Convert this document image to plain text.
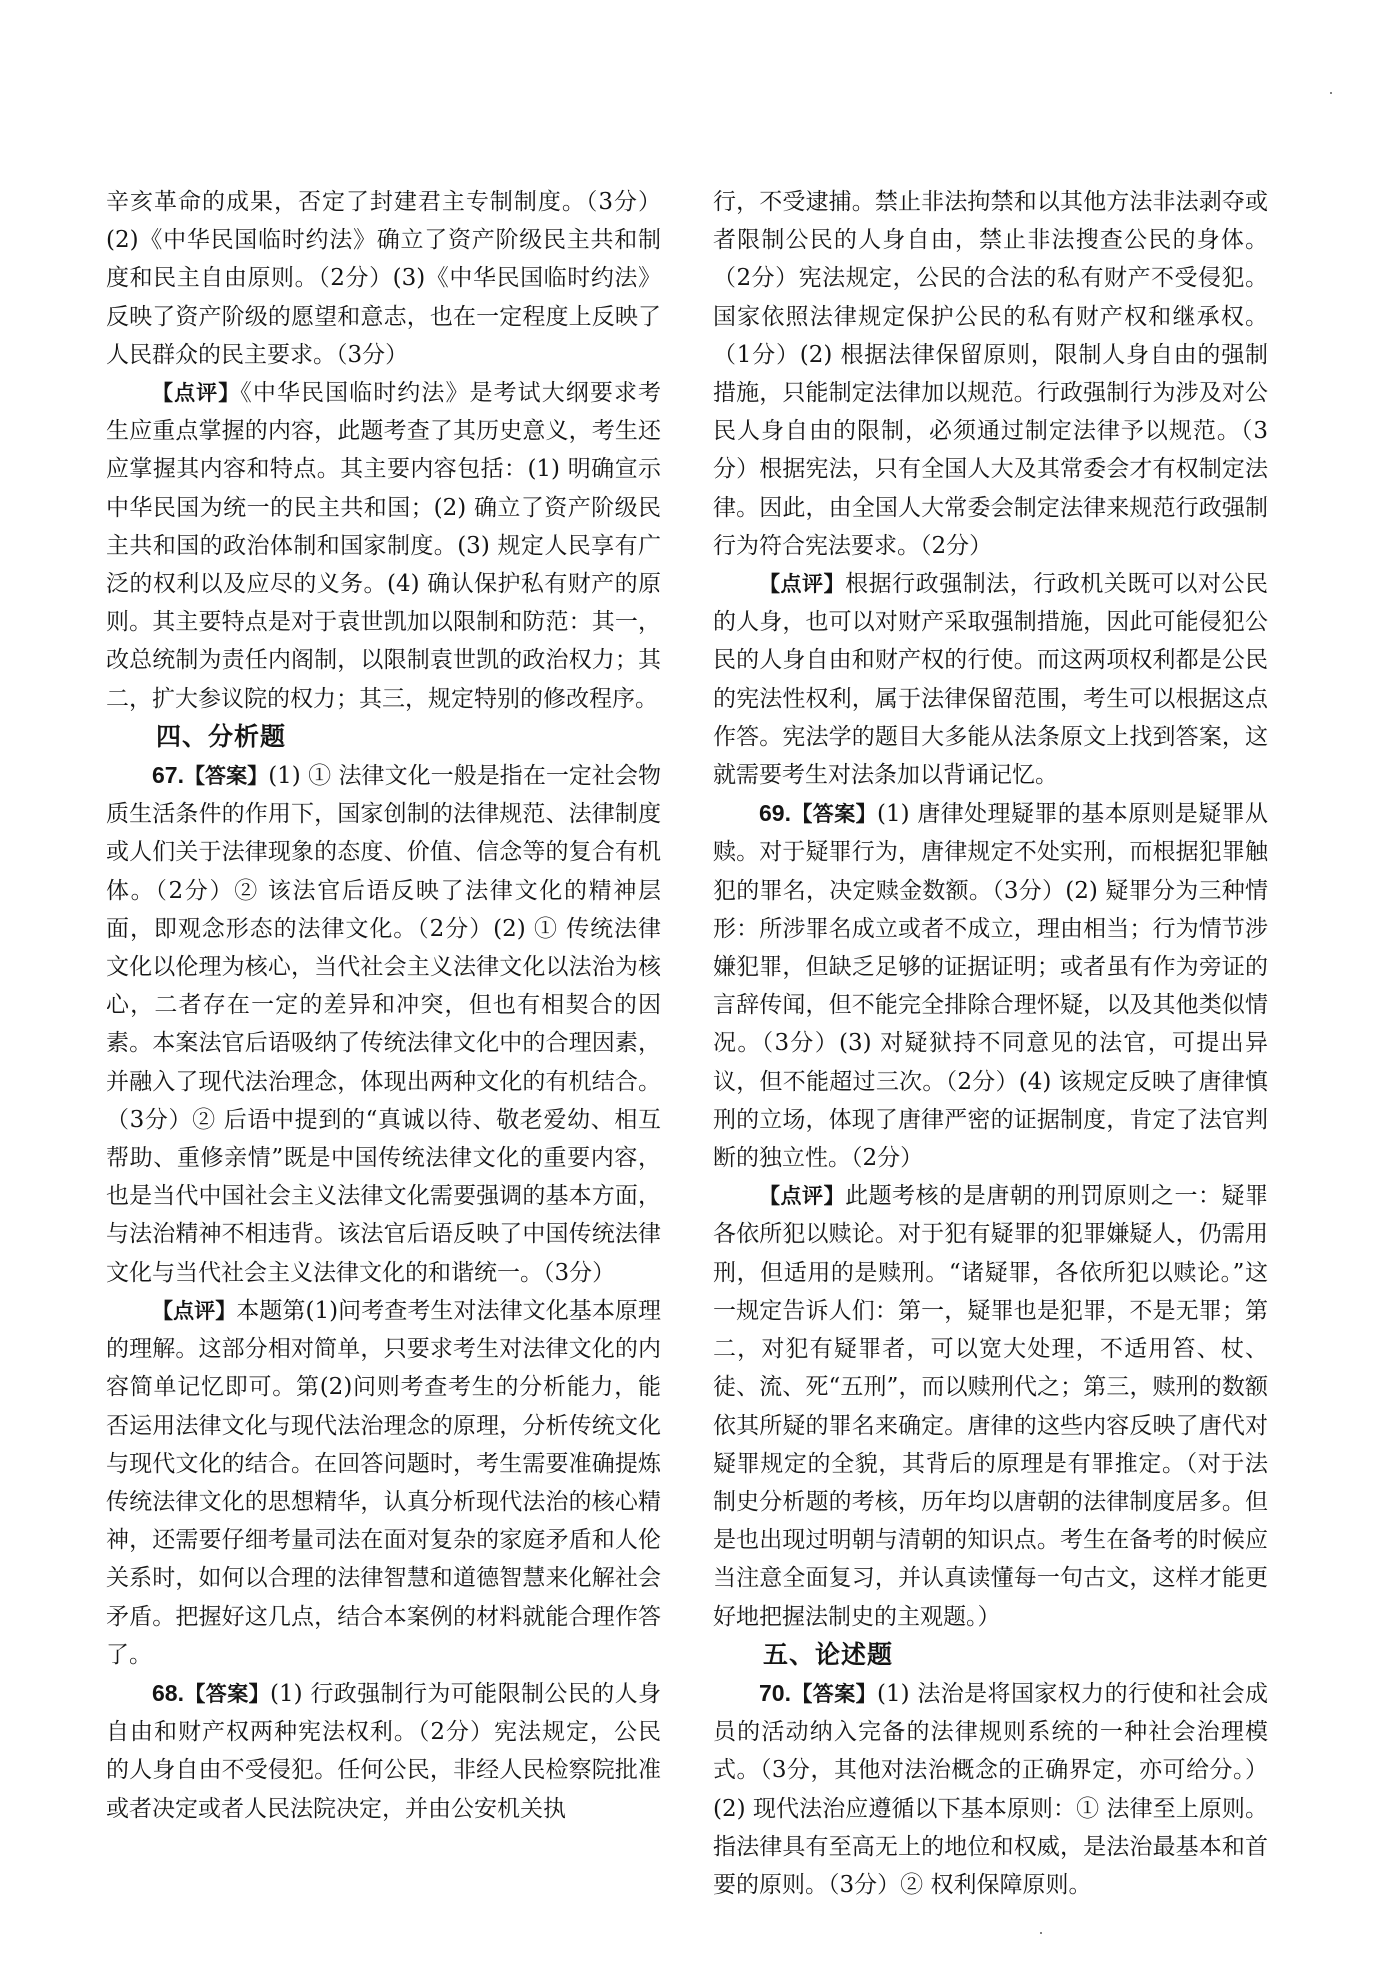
辛亥革命的成果，否定了封建君主专制制度。（3分）(2)《中华民国临时约法》确立了资产阶级民主共和制度和民主自由原则。（2分）(3)《中华民国临时约法》反映了资产阶级的愿望和意志，也在一定程度上反映了人民群众的民主要求。（3分）

【点评】《中华民国临时约法》是考试大纲要求考生应重点掌握的内容，此题考查了其历史意义，考生还应掌握其内容和特点。其主要内容包括：(1) 明确宣示中华民国为统一的民主共和国；(2) 确立了资产阶级民主共和国的政治体制和国家制度。(3) 规定人民享有广泛的权利以及应尽的义务。(4) 确认保护私有财产的原则。其主要特点是对于袁世凯加以限制和防范：其一，改总统制为责任内阁制，以限制袁世凯的政治权力；其二，扩大参议院的权力；其三，规定特别的修改程序。

四、分析题

67.【答案】(1) ① 法律文化一般是指在一定社会物质生活条件的作用下，国家创制的法律规范、法律制度或人们关于法律现象的态度、价值、信念等的复合有机体。（2分）② 该法官后语反映了法律文化的精神层面，即观念形态的法律文化。（2分）(2) ① 传统法律文化以伦理为核心，当代社会主义法律文化以法治为核心，二者存在一定的差异和冲突，但也有相契合的因素。本案法官后语吸纳了传统法律文化中的合理因素，并融入了现代法治理念，体现出两种文化的有机结合。（3分）② 后语中提到的“真诚以待、敬老爱幼、相互帮助、重修亲情”既是中国传统法律文化的重要内容，也是当代中国社会主义法律文化需要强调的基本方面，与法治精神不相违背。该法官后语反映了中国传统法律文化与当代社会主义法律文化的和谐统一。（3分）

【点评】本题第(1)问考查考生对法律文化基本原理的理解。这部分相对简单，只要求考生对法律文化的内容简单记忆即可。第(2)问则考查考生的分析能力，能否运用法律文化与现代法治理念的原理，分析传统文化与现代文化的结合。在回答问题时，考生需要准确提炼传统法律文化的思想精华，认真分析现代法治的核心精神，还需要仔细考量司法在面对复杂的家庭矛盾和人伦关系时，如何以合理的法律智慧和道德智慧来化解社会矛盾。把握好这几点，结合本案例的材料就能合理作答了。

68.【答案】(1) 行政强制行为可能限制公民的人身自由和财产权两种宪法权利。（2分）宪法规定，公民的人身自由不受侵犯。任何公民，非经人民检察院批准或者决定或者人民法院决定，并由公安机关执

行，不受逮捕。禁止非法拘禁和以其他方法非法剥夺或者限制公民的人身自由，禁止非法搜查公民的身体。（2分）宪法规定，公民的合法的私有财产不受侵犯。国家依照法律规定保护公民的私有财产权和继承权。（1分）(2) 根据法律保留原则，限制人身自由的强制措施，只能制定法律加以规范。行政强制行为涉及对公民人身自由的限制，必须通过制定法律予以规范。（3分）根据宪法，只有全国人大及其常委会才有权制定法律。因此，由全国人大常委会制定法律来规范行政强制行为符合宪法要求。（2分）

【点评】根据行政强制法，行政机关既可以对公民的人身，也可以对财产采取强制措施，因此可能侵犯公民的人身自由和财产权的行使。而这两项权利都是公民的宪法性权利，属于法律保留范围，考生可以根据这点作答。宪法学的题目大多能从法条原文上找到答案，这就需要考生对法条加以背诵记忆。

69.【答案】(1) 唐律处理疑罪的基本原则是疑罪从赎。对于疑罪行为，唐律规定不处实刑，而根据犯罪触犯的罪名，决定赎金数额。（3分）(2) 疑罪分为三种情形：所涉罪名成立或者不成立，理由相当；行为情节涉嫌犯罪，但缺乏足够的证据证明；或者虽有作为旁证的言辞传闻，但不能完全排除合理怀疑，以及其他类似情况。（3分）(3) 对疑狱持不同意见的法官，可提出异议，但不能超过三次。（2分）(4) 该规定反映了唐律慎刑的立场，体现了唐律严密的证据制度，肯定了法官判断的独立性。（2分）

【点评】此题考核的是唐朝的刑罚原则之一：疑罪各依所犯以赎论。对于犯有疑罪的犯罪嫌疑人，仍需用刑，但适用的是赎刑。“诸疑罪，各依所犯以赎论。”这一规定告诉人们：第一，疑罪也是犯罪，不是无罪；第二，对犯有疑罪者，可以宽大处理，不适用笞、杖、徒、流、死“五刑”，而以赎刑代之；第三，赎刑的数额依其所疑的罪名来确定。唐律的这些内容反映了唐代对疑罪规定的全貌，其背后的原理是有罪推定。（对于法制史分析题的考核，历年均以唐朝的法律制度居多。但是也出现过明朝与清朝的知识点。考生在备考的时候应当注意全面复习，并认真读懂每一句古文，这样才能更好地把握法制史的主观题。）

五、论述题

70.【答案】(1) 法治是将国家权力的行使和社会成员的活动纳入完备的法律规则系统的一种社会治理模式。（3分，其他对法治概念的正确界定，亦可给分。）(2) 现代法治应遵循以下基本原则：① 法律至上原则。指法律具有至高无上的地位和权威，是法治最基本和首要的原则。（3分）② 权利保障原则。
